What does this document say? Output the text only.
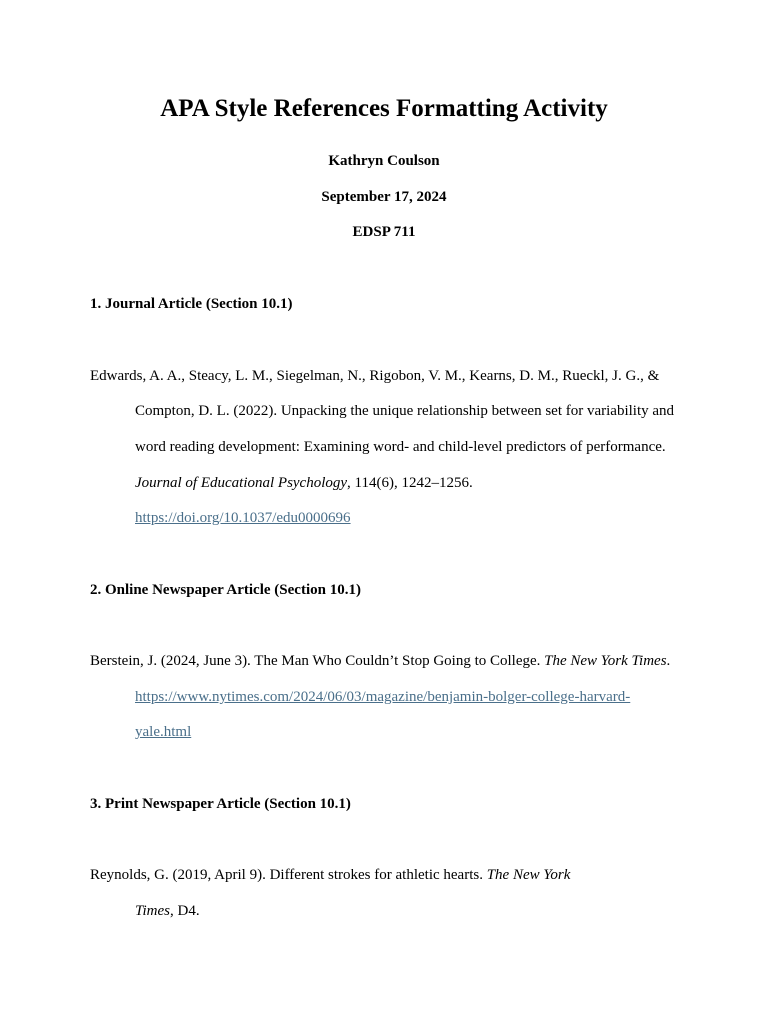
APA Style References Formatting Activity
Kathryn Coulson
September 17, 2024
EDSP 711
1. Journal Article (Section 10.1)
Edwards, A. A., Steacy, L. M., Siegelman, N., Rigobon, V. M., Kearns, D. M., Rueckl, J. G., &
Compton, D. L. (2022). Unpacking the unique relationship between set for variability and
word reading development: Examining word- and child-level predictors of performance.
Journal of Educational Psychology, 114(6), 1242–1256.
https://doi.org/10.1037/edu0000696
2. Online Newspaper Article (Section 10.1)
Berstein, J. (2024, June 3). The Man Who Couldn’t Stop Going to College. The New York Times.
https://www.nytimes.com/2024/06/03/magazine/benjamin-bolger-college-harvard-
yale.html
3. Print Newspaper Article (Section 10.1)
Reynolds, G. (2019, April 9). Different strokes for athletic hearts. The New York
Times, D4.
